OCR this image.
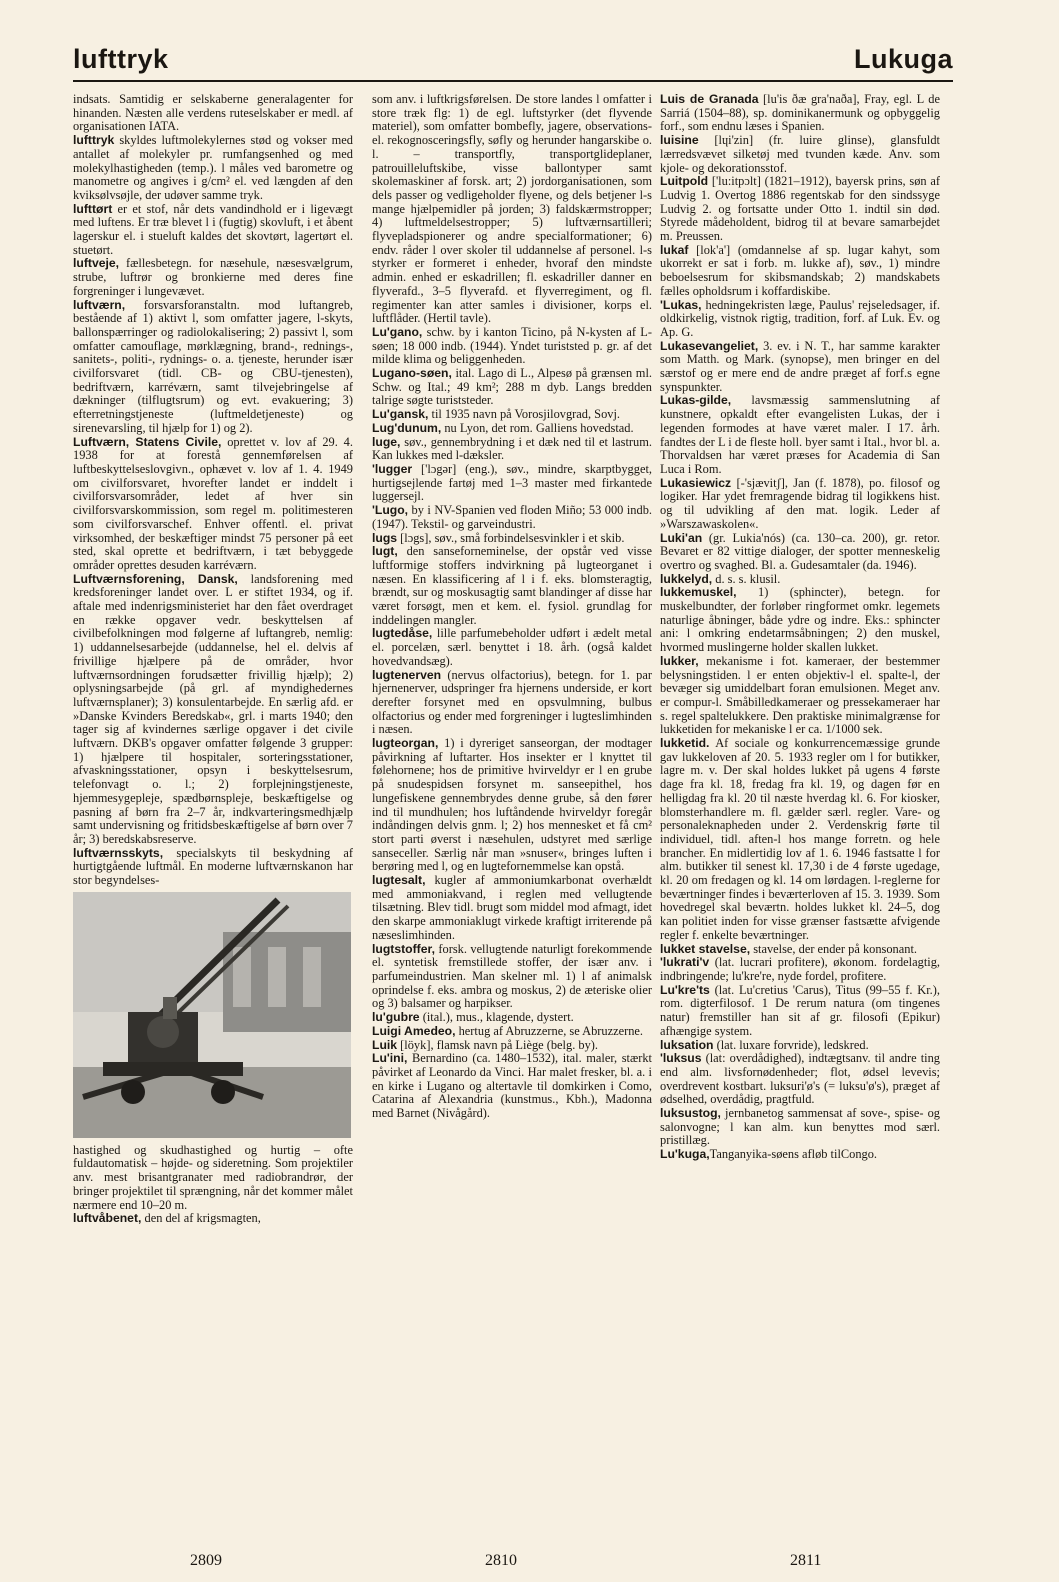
lufttryk	Lukuga

indsats. Samtidig er selskaberne generalagenter for hinanden. Næsten alle verdens ruteselskaber er medl. af organisationen IATA.

lufttryk skyldes luftmolekylernes stød og vokser med antallet af molekyler pr. rumfangsenhed og med molekylhastigheden (temp.). l måles ved barometre og manometre og angives i g/cm² el. ved længden af den kviksølvsøjle, der udøver samme tryk.

lufttørt er et stof, når dets vandindhold er i ligevægt med luftens. Er træ blevet l i (fugtig) skovluft, i et åbent lagerskur el. i stueluft kaldes det skovtørt, lagertørt el. stuetørt.

luftveje, fællesbetegn. for næsehule, næsesvælgrum, strube, luftrør og bronkierne med deres fine forgreninger i lungevævet.

luftværn, forsvarsforanstaltn. mod luftangreb, bestående af 1) aktivt l, som omfatter jagere, l-skyts, ballonspærringer og radiolokalisering; 2) passivt l, som omfatter camouflage, mørklægning, brand-, rednings-, sanitets-, politi-, rydnings- o. a. tjeneste, herunder især civilforsvaret (tidl. CB- og CBU-tjenesten), bedriftværn, karréværn, samt tilvejebringelse af dækninger (tilflugtsrum) og evt. evakuering; 3) efterretningstjeneste (luftmeldetjeneste) og sirenevarsling, til hjælp for 1) og 2).

Luftværn, Statens Civile, oprettet v. lov af 29. 4. 1938 for at forestå gennemførelsen af luftbeskyttelseslovgivn., ophævet v. lov af 1. 4. 1949 om civilforsvaret, hvorefter landet er inddelt i civilforsvarsområder, ledet af hver sin civilforsvarskommission, som regel m. politimesteren som civilforsvarschef. Enhver offentl. el. privat virksomhed, der beskæftiger mindst 75 personer på eet sted, skal oprette et bedriftværn, i tæt bebyggede områder oprettes desuden karréværn.

Luftværnsforening, Dansk, landsforening med kredsforeninger landet over. L er stiftet 1934, og if. aftale med indenrigsministeriet har den fået overdraget en række opgaver vedr. beskyttelsen af civilbefolkningen mod følgerne af luftangreb, nemlig: 1) uddannelsesarbejde (uddannelse, hel el. delvis af frivillige hjælpere på de områder, hvor luftværnsordningen forudsætter frivillig hjælp); 2) oplysningsarbejde (på grl. af myndighedernes luftværnsplaner); 3) konsulentarbejde. En særlig afd. er »Danske Kvinders Beredskab«, grl. i marts 1940; den tager sig af kvindernes særlige opgaver i det civile luftværn. DKB's opgaver omfatter følgende 3 grupper: 1) hjælpere til hospitaler, sorteringsstationer, afvaskningsstationer, opsyn i beskyttelsesrum, telefonvagt o. l.; 2) forplejningstjeneste, hjemmesygepleje, spædbørnspleje, beskæftigelse og pasning af børn fra 2–7 år, indkvarteringsmedhjælp samt undervisning og fritidsbeskæftigelse af børn over 7 år; 3) beredskabsreserve.

luftværnsskyts, specialskyts til beskydning af hurtigtgående luftmål. En moderne luftværnskanon har stor begyndelses-

hastighed og skudhastighed og hurtig – ofte fuldautomatisk – højde- og sideretning. Som projektiler anv. mest brisantgranater med radiobrandrør, der bringer projektilet til sprængning, når det kommer målet nærmere end 10–20 m.

luftvåbenet, den del af krigsmagten,

som anv. i luftkrigsførelsen. De store landes l omfatter i store træk flg: 1) de egl. luftstyrker (det flyvende materiel), som omfatter bombefly, jagere, observations- el. rekognosceringsfly, søfly og herunder hangarskibe o. l. – transportfly, transportglideplaner, patrouilleluftskibe, visse ballontyper samt skolemaskiner af forsk. art; 2) jordorganisationen, som dels passer og vedligeholder flyene, og dels betjener l-s mange hjælpemidler på jorden; 3) faldskærmstropper; 4) luftmeldelsestropper; 5) luftværnsartilleri; flyvepladspionerer og andre specialformationer; 6) endv. råder l over skoler til uddannelse af personel. l-s styrker er formeret i enheder, hvoraf den mindste admin. enhed er eskadrillen; fl. eskadriller danner en flyverafd., 3–5 flyverafd. et flyverregiment, og fl. regimenter kan atter samles i divisioner, korps el. luftflåder. (Hertil tavle).

Lu'gano, schw. by i kanton Ticino, på N-kysten af L-søen; 18 000 indb. (1944). Yndet turiststed p. gr. af det milde klima og beliggenheden.

Lugano-søen, ital. Lago di L., Alpesø på grænsen ml. Schw. og Ital.; 49 km²; 288 m dyb. Langs bredden talrige søgte turiststeder.

Lu'gansk, til 1935 navn på Vorosjilovgrad, Sovj.

Lug'dunum, nu Lyon, det rom. Galliens hovedstad.

luge, søv., gennembrydning i et dæk ned til et lastrum. Kan lukkes med l-dæksler.

'lugger ['lɔgər] (eng.), søv., mindre, skarptbygget, hurtigsejlende fartøj med 1–3 master med firkantede luggersejl.

'Lugo, by i NV-Spanien ved floden Miño; 53 000 indb. (1947). Tekstil- og garveindustri.

lugs [lɔgs], søv., små forbindelsesvinkler i et skib.

lugt, den sanseforneminelse, der opstår ved visse luftformige stoffers indvirkning på lugteorganet i næsen. En klassificering af l i f. eks. blomsteragtig, brændt, sur og moskusagtig samt blandinger af disse har været forsøgt, men et kem. el. fysiol. grundlag for inddelingen mangler.

lugtedåse, lille parfumebeholder udført i ædelt metal el. porcelæn, særl. benyttet i 18. årh. (også kaldet hovedvandsæg).

lugtenerven (nervus olfactorius), betegn. for 1. par hjernenerver, udspringer fra hjernens underside, er kort derefter forsynet med en opsvulmning, bulbus olfactorius og ender med forgreninger i lugteslimhinden i næsen.

lugteorgan, 1) i dyreriget sanseorgan, der modtager påvirkning af luftarter. Hos insekter er l knyttet til følehornene; hos de primitive hvirveldyr er l en grube på snudespidsen forsynet m. sanseepithel, hos lungefiskene gennembrydes denne grube, så den fører ind til mundhulen; hos luftåndende hvirveldyr foregår indåndingen delvis gnm. l; 2) hos mennesket et få cm² stort parti øverst i næsehulen, udstyret med særlige sanseceller. Særlig når man »snuser«, bringes luften i berøring med l, og en lugtefornemmelse kan opstå.

lugtesalt, kugler af ammoniumkarbonat overhældt med ammoniakvand, i reglen med vellugtende tilsætning. Blev tidl. brugt som middel mod afmagt, idet den skarpe ammoniaklugt virkede kraftigt irriterende på næseslimhinden.

lugtstoffer, forsk. vellugtende naturligt forekommende el. syntetisk fremstillede stoffer, der især anv. i parfumeindustrien. Man skelner ml. 1) l af animalsk oprindelse f. eks. ambra og moskus, 2) de æteriske olier og 3) balsamer og harpikser.

lu'gubre (ital.), mus., klagende, dystert.

Luigi Amedeo, hertug af Abruzzerne, se Abruzzerne.

Luik [löyk], flamsk navn på Liège (belg. by).

Lu'ini, Bernardino (ca. 1480–1532), ital. maler, stærkt påvirket af Leonardo da Vinci. Har malet fresker, bl. a. i en kirke i Lugano og altertavle til domkirken i Como, Catarina af Alexandria (kunstmus., Kbh.), Madonna med Barnet (Nivågård).

Luis de Granada [lu'is ðæ gra'naða], Fray, egl. L de Sarriá (1504–88), sp. dominikanermunk og opbyggelig forf., som endnu læses i Spanien.

luisine [lɥi'zin] (fr. luire glinse), glansfuldt lærredsvævet silketøj med tvunden kæde. Anv. som kjole- og dekorationsstof.

Luitpold ['lu:itpɔlt] (1821–1912), bayersk prins, søn af Ludvig 1. Overtog 1886 regentskab for den sindssyge Ludvig 2. og fortsatte under Otto 1. indtil sin død. Styrede mådeholdent, bidrog til at bevare samarbejdet m. Preussen.

lukaf [lok'a'] (omdannelse af sp. lugar kahyt, som ukorrekt er sat i forb. m. lukke af), søv., 1) mindre beboelsesrum for skibsmandskab; 2) mandskabets fælles opholdsrum i koffardiskibe.

'Lukas, hedningekristen læge, Paulus' rejseledsager, if. oldkirkelig, vistnok rigtig, tradition, forf. af Luk. Ev. og Ap. G.

Lukasevangeliet, 3. ev. i N. T., har samme karakter som Matth. og Mark. (synopse), men bringer en del særstof og er mere end de andre præget af forf.s egne synspunkter.

Lukas-gilde, lavsmæssig sammenslutning af kunstnere, opkaldt efter evangelisten Lukas, der i legenden formodes at have været maler. I 17. årh. fandtes der L i de fleste holl. byer samt i Ital., hvor bl. a. Thorvaldsen har været præses for Academia di San Luca i Rom.

Lukasiewicz [-'sjævitʃ], Jan (f. 1878), po. filosof og logiker. Har ydet fremragende bidrag til logikkens hist. og til udvikling af den mat. logik. Leder af »Warszawaskolen«.

Luki'an (gr. Lukia'nós) (ca. 130–ca. 200), gr. retor. Bevaret er 82 vittige dialoger, der spotter menneskelig overtro og svaghed. Bl. a. Gudesamtaler (da. 1946).

lukkelyd, d. s. s. klusil.

lukkemuskel, 1) (sphincter), betegn. for muskelbundter, der forløber ringformet omkr. legemets naturlige åbninger, både ydre og indre. Eks.: sphincter ani: l omkring endetarmsåbningen; 2) den muskel, hvormed muslingerne holder skallen lukket.

lukker, mekanisme i fot. kameraer, der bestemmer belysningstiden. l er enten objektiv-l el. spalte-l, der bevæger sig umiddelbart foran emulsionen. Meget anv. er compur-l. Småbilledkameraer og pressekameraer har s. regel spaltelukkere. Den praktiske minimalgrænse for lukketiden for mekaniske l er ca. 1/1000 sek.

lukketid. Af sociale og konkurrencemæssige grunde gav lukkeloven af 20. 5. 1933 regler om l for butikker, lagre m. v. Der skal holdes lukket på ugens 4 første dage fra kl. 18, fredag fra kl. 19, og dagen før en helligdag fra kl. 20 til næste hverdag kl. 6. For kiosker, blomsterhandlere m. fl. gælder særl. regler. Vare- og personaleknapheden under 2. Verdenskrig førte til individuel, tidl. aften-l hos mange forretn. og hele brancher. En midlertidig lov af 1. 6. 1946 fastsatte l for alm. butikker til senest kl. 17,30 i de 4 første ugedage, kl. 20 om fredagen og kl. 14 om lørdagen. l-reglerne for beværtninger findes i beværterloven af 15. 3. 1939. Som hovedregel skal beværtn. holdes lukket kl. 24–5, dog kan politiet inden for visse grænser fastsætte afvigende regler f. enkelte beværtninger.

lukket stavelse, stavelse, der ender på konsonant.

'lukrati'v (lat. lucrari profitere), økonom. fordelagtig, indbringende; lu'kre're, nyde fordel, profitere.

Lu'kre'ts (lat. Lu'cretius 'Carus), Titus (99–55 f. Kr.), rom. digterfilosof. 1 De rerum natura (om tingenes natur) fremstiller han sit af gr. filosofi (Epikur) afhængige system.

luksation (lat. luxare forvride), ledskred.

'luksus (lat: overdådighed), indtægtsanv. til andre ting end alm. livsfornødenheder; flot, ødsel levevis; overdrevent kostbart. luksuri'ø's (= luksu'ø's), præget af ødselhed, overdådig, pragtfuld.

luksustog, jernbanetog sammensat af sove-, spise- og salonvogne; l kan alm. kun benyttes mod særl. pristillæg.

Lu'kuga,Tanganyika-søens afløb tilCongo.

2809	2810	2811
